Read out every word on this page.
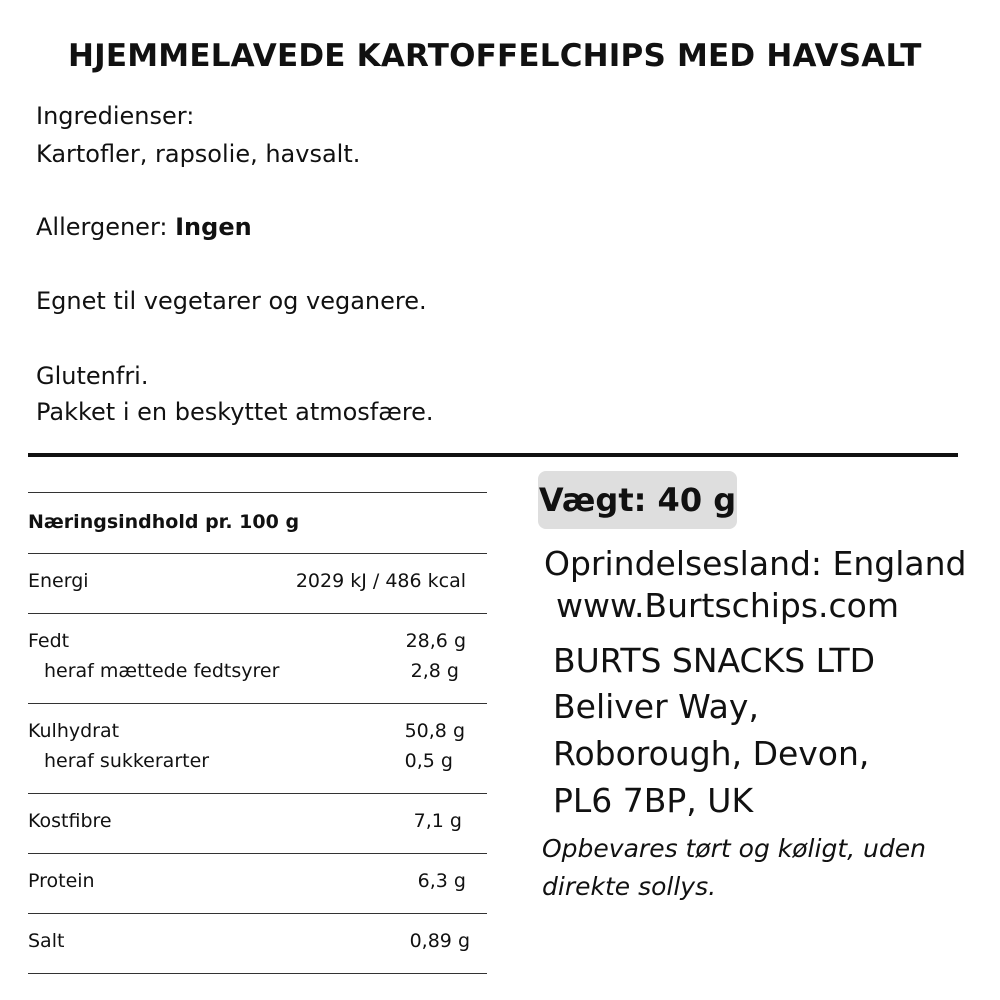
HJEMMELAVEDE KARTOFFELCHIPS MED HAVSALT
Ingredienser:
Kartofler, rapsolie, havsalt.
Allergener: Ingen
Egnet til vegetarer og veganere.
Glutenfri.
Pakket i en beskyttet atmosfære.
Næringsindhold pr. 100 g
Energi	2029 kJ / 486 kcal
Fedt	28,6 g
heraf mættede fedtsyrer	2,8 g
Kulhydrat	50,8 g
heraf sukkerarter	0,5 g
Kostfibre	7,1 g
Protein	6,3 g
Salt	0,89 g
Vægt: 40 g
Oprindelsesland: England
www.Burtschips.com
BURTS SNACKS LTD
Beliver Way,
Roborough, Devon,
PL6 7BP, UK
Opbevares tørt og køligt, uden direkte sollys.
